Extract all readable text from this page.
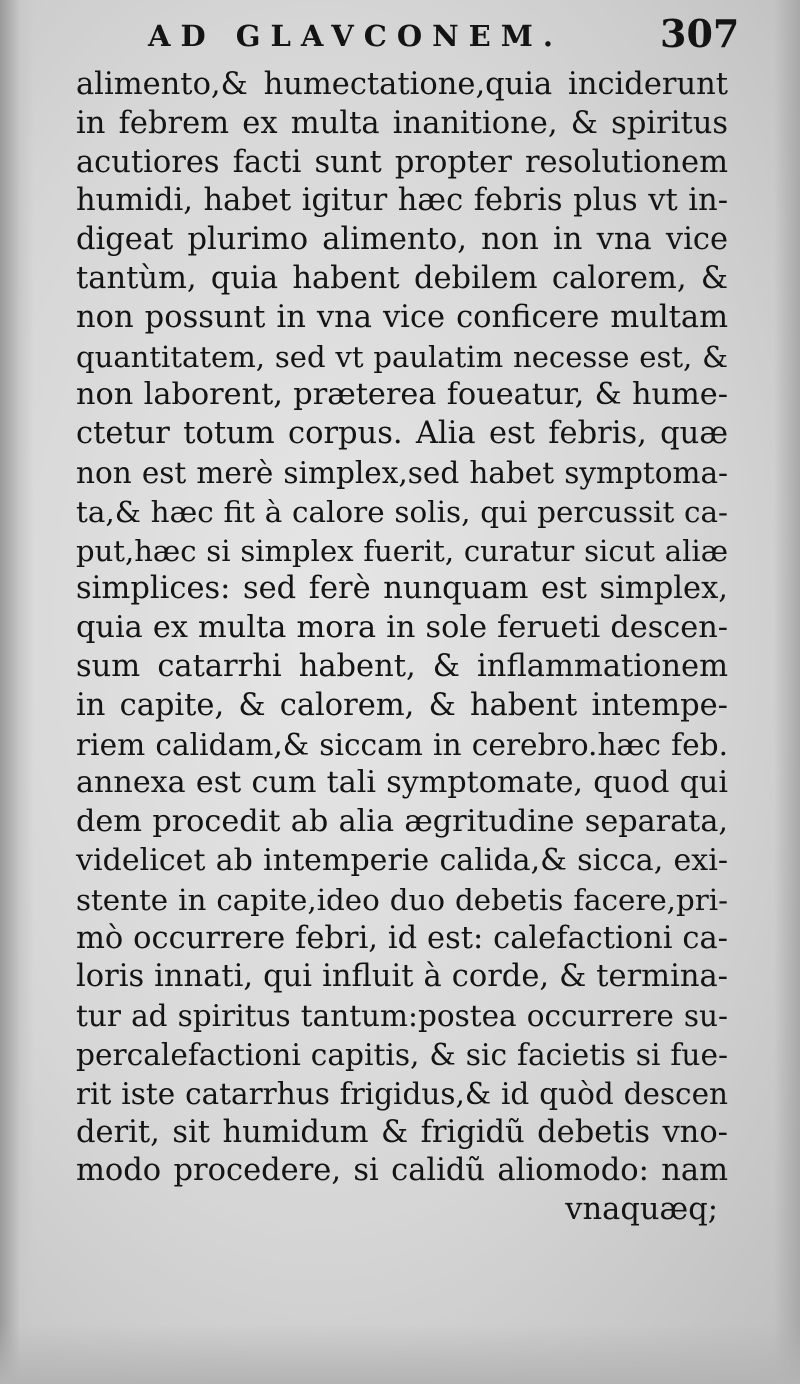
AD GLAVCONEM.	307
alimento,& humectatione,quia inciderunt
in febrem ex multa inanitione, & spiritus
acutiores facti sunt propter resolutionem
humidi, habet igitur hæc febris plus vt in-
digeat plurimo alimento, non in vna vice
tantùm, quia habent debilem calorem, &
non possunt in vna vice conficere multam
quantitatem, sed vt paulatim necesse est, &
non laborent, præterea foueatur, & hume-
ctetur totum corpus. Alia est febris, quæ
non est merè simplex,sed habet symptoma-
ta,& hæc fit à calore solis, qui percussit ca-
put,hæc si simplex fuerit, curatur sicut aliæ
simplices: sed ferè nunquam est simplex,
quia ex multa mora in sole ferueti descen-
sum catarrhi habent, & inflammationem
in capite, & calorem, & habent intempe-
riem calidam,& siccam in cerebro.hæc feb.
annexa est cum tali symptomate, quod qui
dem procedit ab alia ægritudine separata,
videlicet ab intemperie calida,& sicca, exi-
stente in capite,ideo duo debetis facere,pri-
mò occurrere febri, id est: calefactioni ca-
loris innati, qui influit à corde, & termina-
tur ad spiritus tantum:postea occurrere su-
percalefactioni capitis, & sic facietis si fue-
rit iste catarrhus frigidus,& id quòd descen
derit, sit humidum & frigidũ debetis vno-
modo procedere, si calidũ aliomodo: nam
vnaquæq;
